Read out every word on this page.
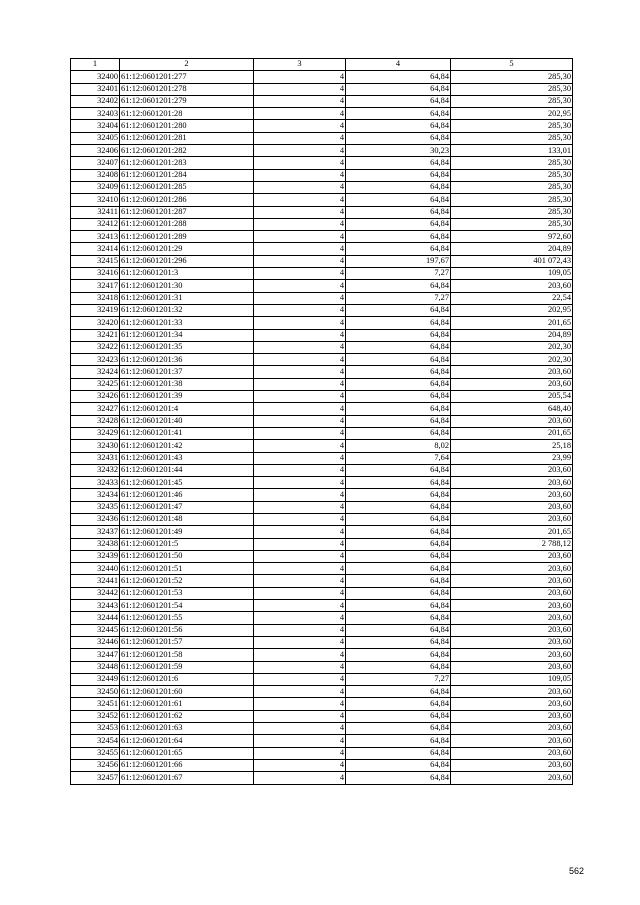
1	2	3	4	5
32400	61:12:0601201:277	4	64,84	285,30
32401	61:12:0601201:278	4	64,84	285,30
32402	61:12:0601201:279	4	64,84	285,30
32403	61:12:0601201:28	4	64,84	202,95
32404	61:12:0601201:280	4	64,84	285,30
32405	61:12:0601201:281	4	64,84	285,30
32406	61:12:0601201:282	4	30,23	133,01
32407	61:12:0601201:283	4	64,84	285,30
32408	61:12:0601201:284	4	64,84	285,30
32409	61:12:0601201:285	4	64,84	285,30
32410	61:12:0601201:286	4	64,84	285,30
32411	61:12:0601201:287	4	64,84	285,30
32412	61:12:0601201:288	4	64,84	285,30
32413	61:12:0601201:289	4	64,84	972,60
32414	61:12:0601201:29	4	64,84	204,89
32415	61:12:0601201:296	4	197,67	401 072,43
32416	61:12:0601201:3	4	7,27	109,05
32417	61:12:0601201:30	4	64,84	203,60
32418	61:12:0601201:31	4	7,27	22,54
32419	61:12:0601201:32	4	64,84	202,95
32420	61:12:0601201:33	4	64,84	201,65
32421	61:12:0601201:34	4	64,84	204,89
32422	61:12:0601201:35	4	64,84	202,30
32423	61:12:0601201:36	4	64,84	202,30
32424	61:12:0601201:37	4	64,84	203,60
32425	61:12:0601201:38	4	64,84	203,60
32426	61:12:0601201:39	4	64,84	205,54
32427	61:12:0601201:4	4	64,84	648,40
32428	61:12:0601201:40	4	64,84	203,60
32429	61:12:0601201:41	4	64,84	201,65
32430	61:12:0601201:42	4	8,02	25,18
32431	61:12:0601201:43	4	7,64	23,99
32432	61:12:0601201:44	4	64,84	203,60
32433	61:12:0601201:45	4	64,84	203,60
32434	61:12:0601201:46	4	64,84	203,60
32435	61:12:0601201:47	4	64,84	203,60
32436	61:12:0601201:48	4	64,84	203,60
32437	61:12:0601201:49	4	64,84	201,65
32438	61:12:0601201:5	4	64,84	2 788,12
32439	61:12:0601201:50	4	64,84	203,60
32440	61:12:0601201:51	4	64,84	203,60
32441	61:12:0601201:52	4	64,84	203,60
32442	61:12:0601201:53	4	64,84	203,60
32443	61:12:0601201:54	4	64,84	203,60
32444	61:12:0601201:55	4	64,84	203,60
32445	61:12:0601201:56	4	64,84	203,60
32446	61:12:0601201:57	4	64,84	203,60
32447	61:12:0601201:58	4	64,84	203,60
32448	61:12:0601201:59	4	64,84	203,60
32449	61:12:0601201:6	4	7,27	109,05
32450	61:12:0601201:60	4	64,84	203,60
32451	61:12:0601201:61	4	64,84	203,60
32452	61:12:0601201:62	4	64,84	203,60
32453	61:12:0601201:63	4	64,84	203,60
32454	61:12:0601201:64	4	64,84	203,60
32455	61:12:0601201:65	4	64,84	203,60
32456	61:12:0601201:66	4	64,84	203,60
32457	61:12:0601201:67	4	64,84	203,60
562
